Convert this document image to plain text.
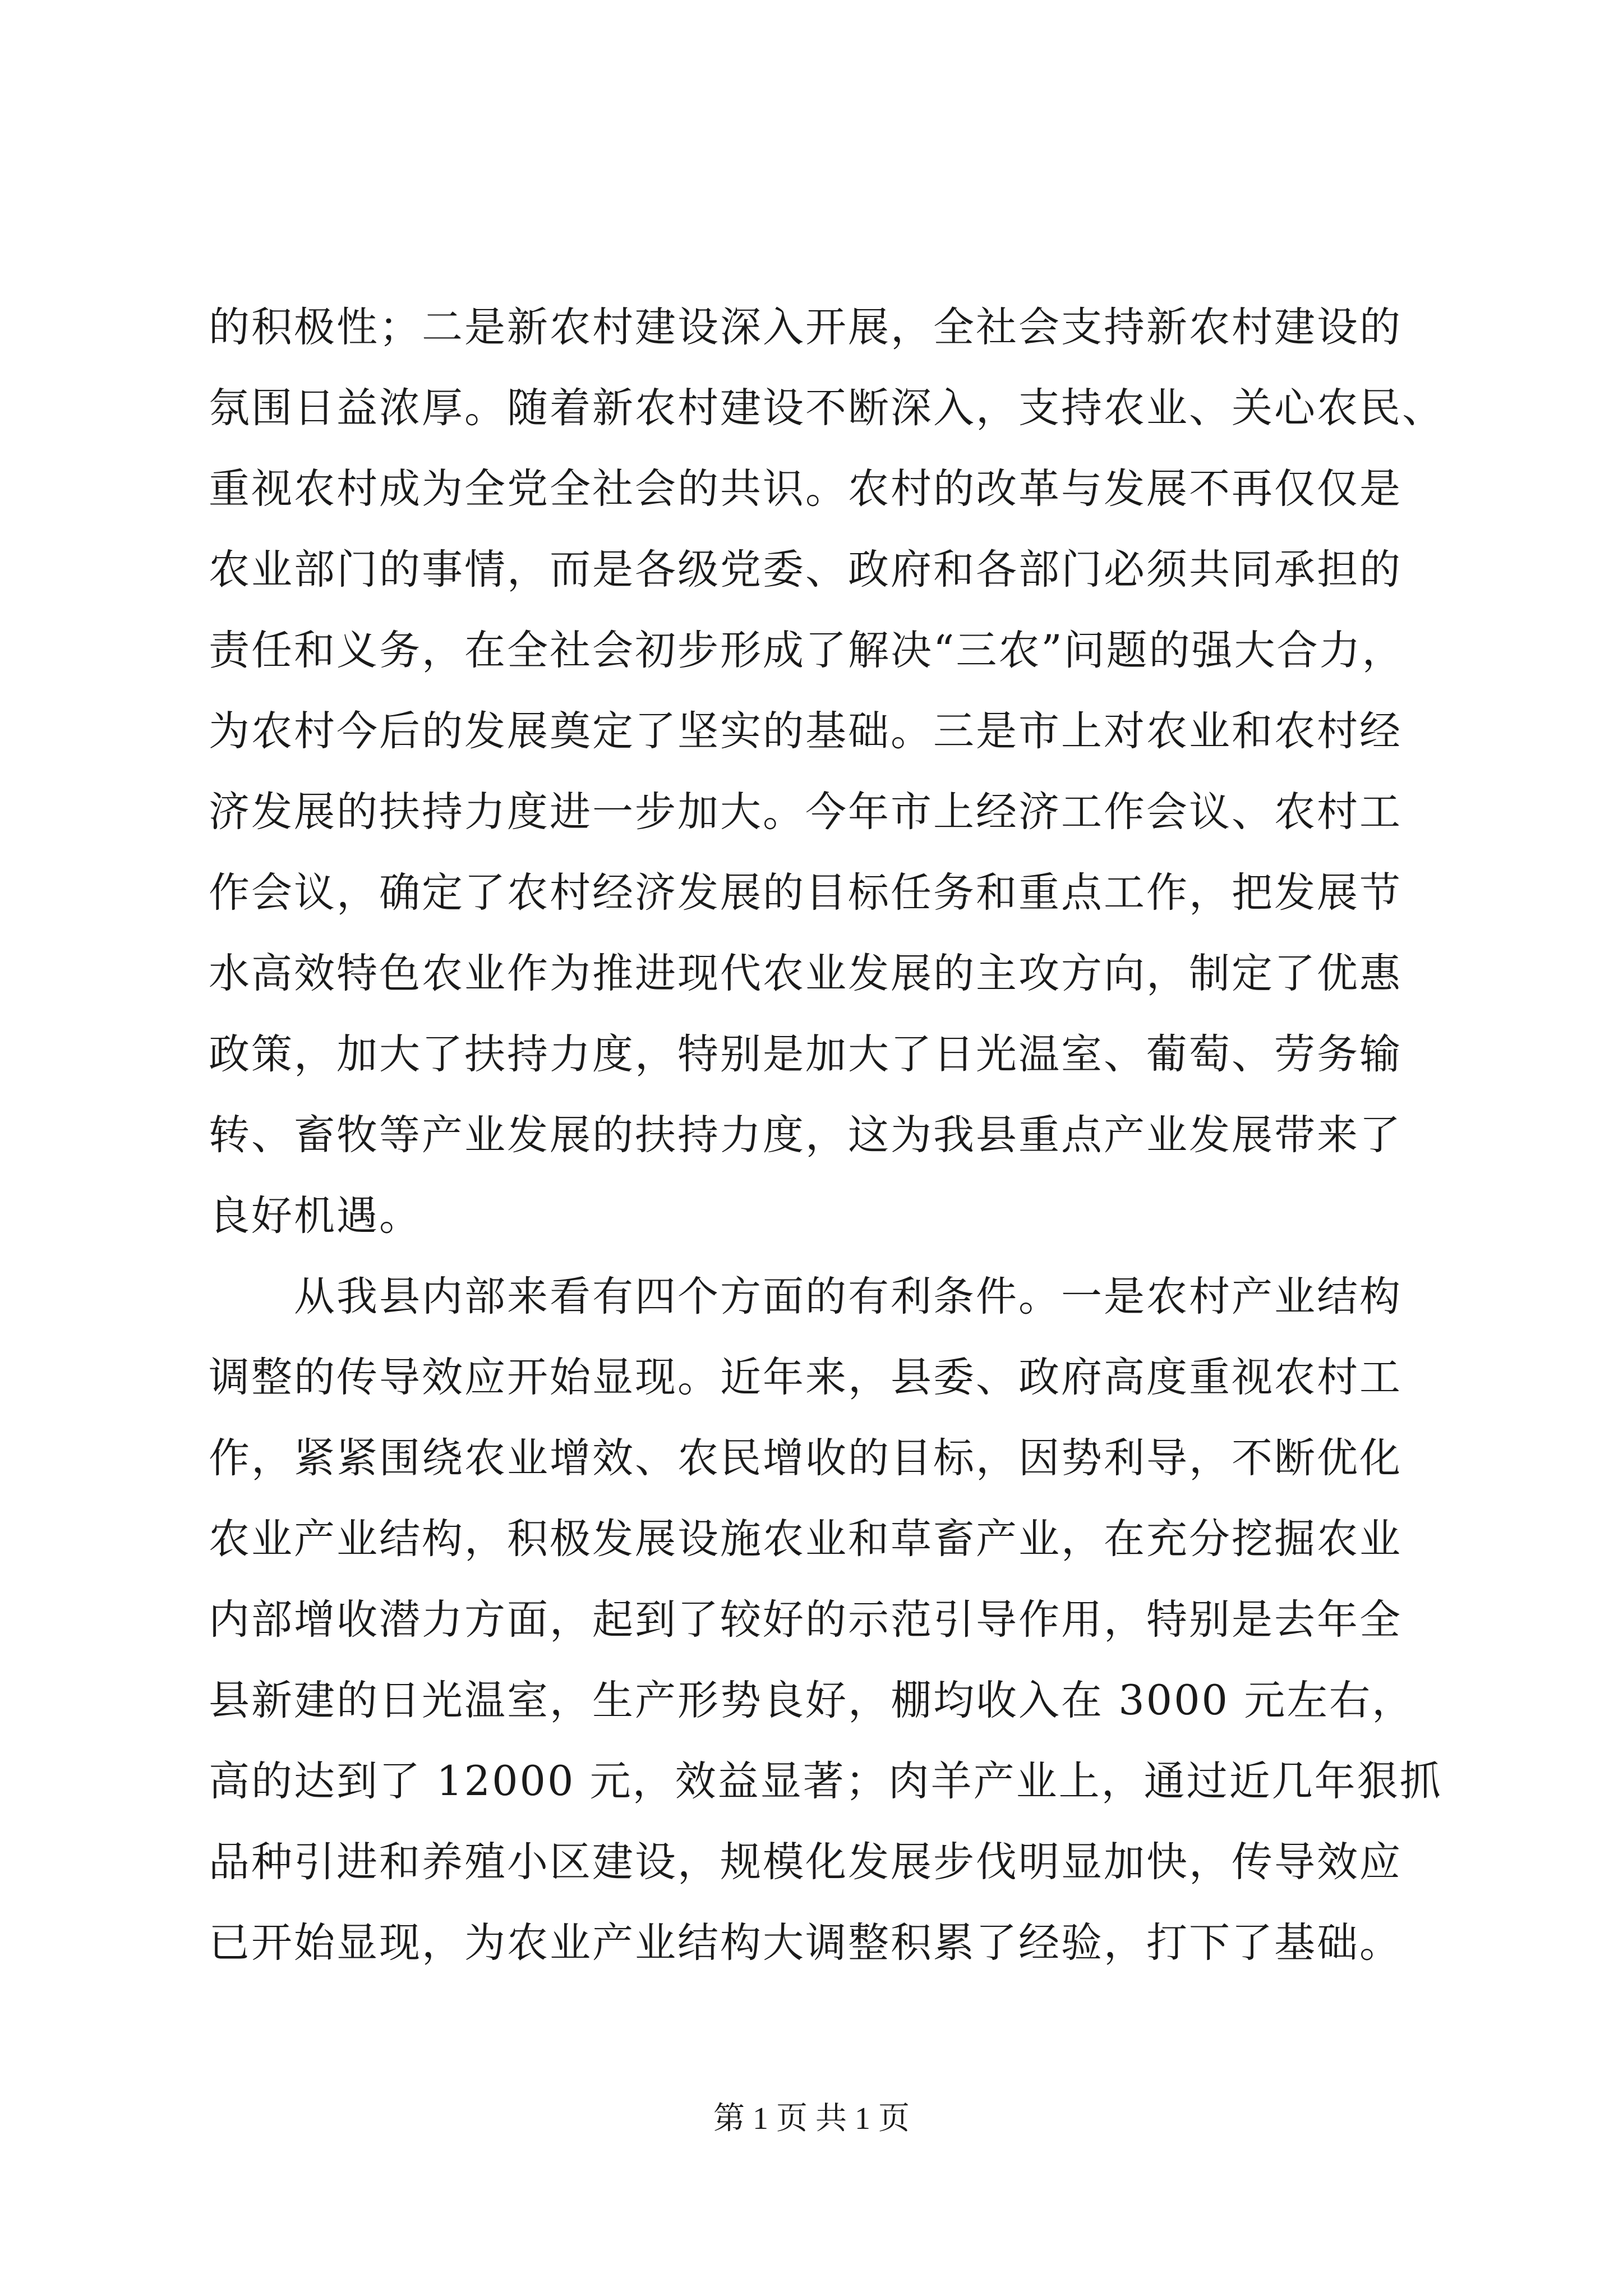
的积极性；二是新农村建设深入开展，全社会支持新农村建设的
氛围日益浓厚。随着新农村建设不断深入，支持农业、关心农民、
重视农村成为全党全社会的共识。农村的改革与发展不再仅仅是
农业部门的事情，而是各级党委、政府和各部门必须共同承担的
责任和义务，在全社会初步形成了解决“三农”问题的强大合力，
为农村今后的发展奠定了坚实的基础。三是市上对农业和农村经
济发展的扶持力度进一步加大。今年市上经济工作会议、农村工
作会议，确定了农村经济发展的目标任务和重点工作，把发展节
水高效特色农业作为推进现代农业发展的主攻方向，制定了优惠
政策，加大了扶持力度，特别是加大了日光温室、葡萄、劳务输
转、畜牧等产业发展的扶持力度，这为我县重点产业发展带来了
良好机遇。
从我县内部来看有四个方面的有利条件。一是农村产业结构
调整的传导效应开始显现。近年来，县委、政府高度重视农村工
作，紧紧围绕农业增效、农民增收的目标，因势利导，不断优化
农业产业结构，积极发展设施农业和草畜产业，在充分挖掘农业
内部增收潜力方面，起到了较好的示范引导作用，特别是去年全
县新建的日光温室，生产形势良好，棚均收入在 3000 元左右，
高的达到了 12000 元，效益显著；肉羊产业上，通过近几年狠抓
品种引进和养殖小区建设，规模化发展步伐明显加快，传导效应
已开始显现，为农业产业结构大调整积累了经验，打下了基础。
第 1 页 共 1 页
